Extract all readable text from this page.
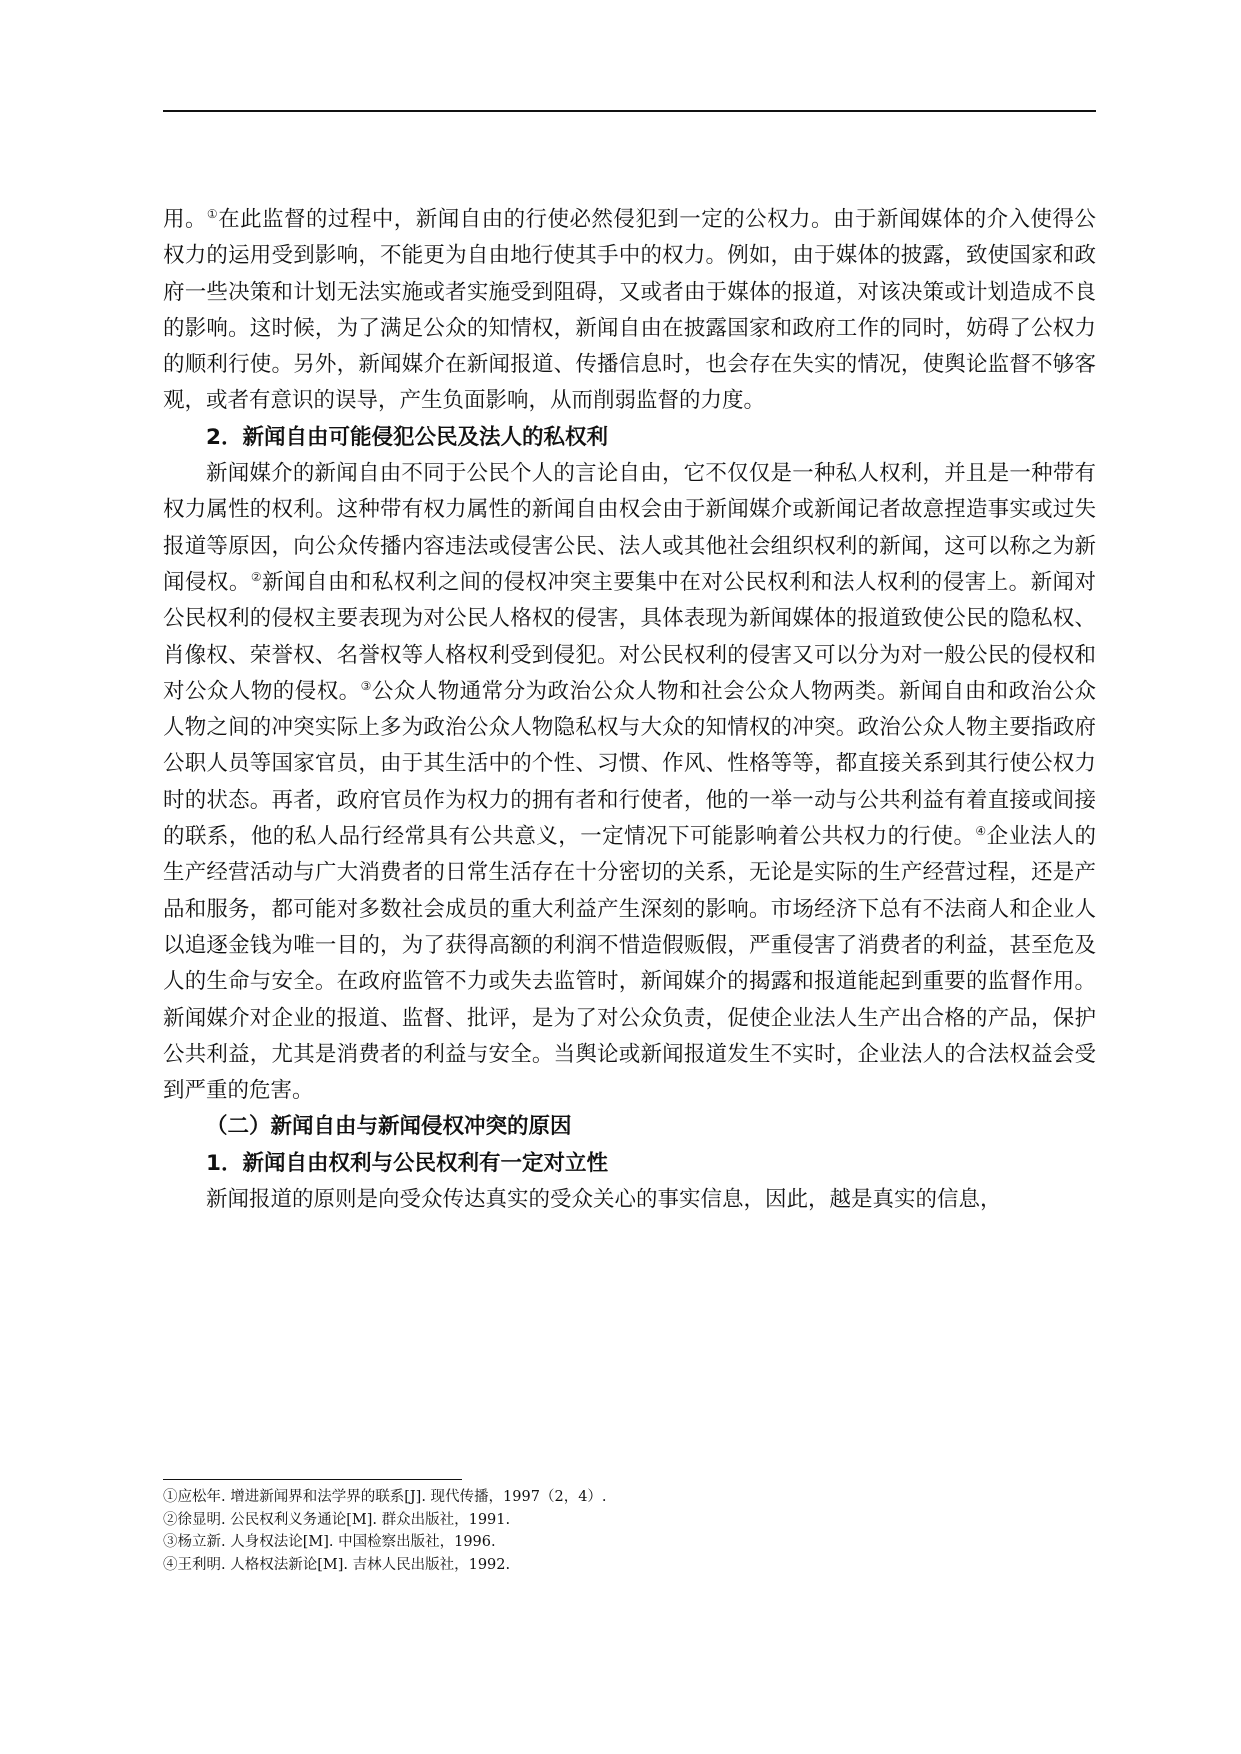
用。①在此监督的过程中，新闻自由的行使必然侵犯到一定的公权力。由于新闻媒体的介入使得公权力的运用受到影响，不能更为自由地行使其手中的权力。例如，由于媒体的披露，致使国家和政府一些决策和计划无法实施或者实施受到阻碍，又或者由于媒体的报道，对该决策或计划造成不良的影响。这时候，为了满足公众的知情权，新闻自由在披露国家和政府工作的同时，妨碍了公权力的顺利行使。另外，新闻媒介在新闻报道、传播信息时，也会存在失实的情况，使舆论监督不够客观，或者有意识的误导，产生负面影响，从而削弱监督的力度。

2．新闻自由可能侵犯公民及法人的私权利

新闻媒介的新闻自由不同于公民个人的言论自由，它不仅仅是一种私人权利，并且是一种带有权力属性的权利。这种带有权力属性的新闻自由权会由于新闻媒介或新闻记者故意捏造事实或过失报道等原因，向公众传播内容违法或侵害公民、法人或其他社会组织权利的新闻，这可以称之为新闻侵权。②新闻自由和私权利之间的侵权冲突主要集中在对公民权利和法人权利的侵害上。新闻对公民权利的侵权主要表现为对公民人格权的侵害，具体表现为新闻媒体的报道致使公民的隐私权、肖像权、荣誉权、名誉权等人格权利受到侵犯。对公民权利的侵害又可以分为对一般公民的侵权和对公众人物的侵权。③公众人物通常分为政治公众人物和社会公众人物两类。新闻自由和政治公众人物之间的冲突实际上多为政治公众人物隐私权与大众的知情权的冲突。政治公众人物主要指政府公职人员等国家官员，由于其生活中的个性、习惯、作风、性格等等，都直接关系到其行使公权力时的状态。再者，政府官员作为权力的拥有者和行使者，他的一举一动与公共利益有着直接或间接的联系，他的私人品行经常具有公共意义，一定情况下可能影响着公共权力的行使。④企业法人的生产经营活动与广大消费者的日常生活存在十分密切的关系，无论是实际的生产经营过程，还是产品和服务，都可能对多数社会成员的重大利益产生深刻的影响。市场经济下总有不法商人和企业人以追逐金钱为唯一目的，为了获得高额的利润不惜造假贩假，严重侵害了消费者的利益，甚至危及人的生命与安全。在政府监管不力或失去监管时，新闻媒介的揭露和报道能起到重要的监督作用。新闻媒介对企业的报道、监督、批评，是为了对公众负责，促使企业法人生产出合格的产品，保护公共利益，尤其是消费者的利益与安全。当舆论或新闻报道发生不实时，企业法人的合法权益会受到严重的危害。

（二）新闻自由与新闻侵权冲突的原因

1．新闻自由权利与公民权利有一定对立性

新闻报道的原则是向受众传达真实的受众关心的事实信息，因此，越是真实的信息，

①应松年. 增进新闻界和法学界的联系[J]. 现代传播，1997（2，4）.

②徐显明. 公民权利义务通论[M]. 群众出版社，1991.

③杨立新. 人身权法论[M]. 中国检察出版社，1996.

④王利明. 人格权法新论[M]. 吉林人民出版社，1992.
